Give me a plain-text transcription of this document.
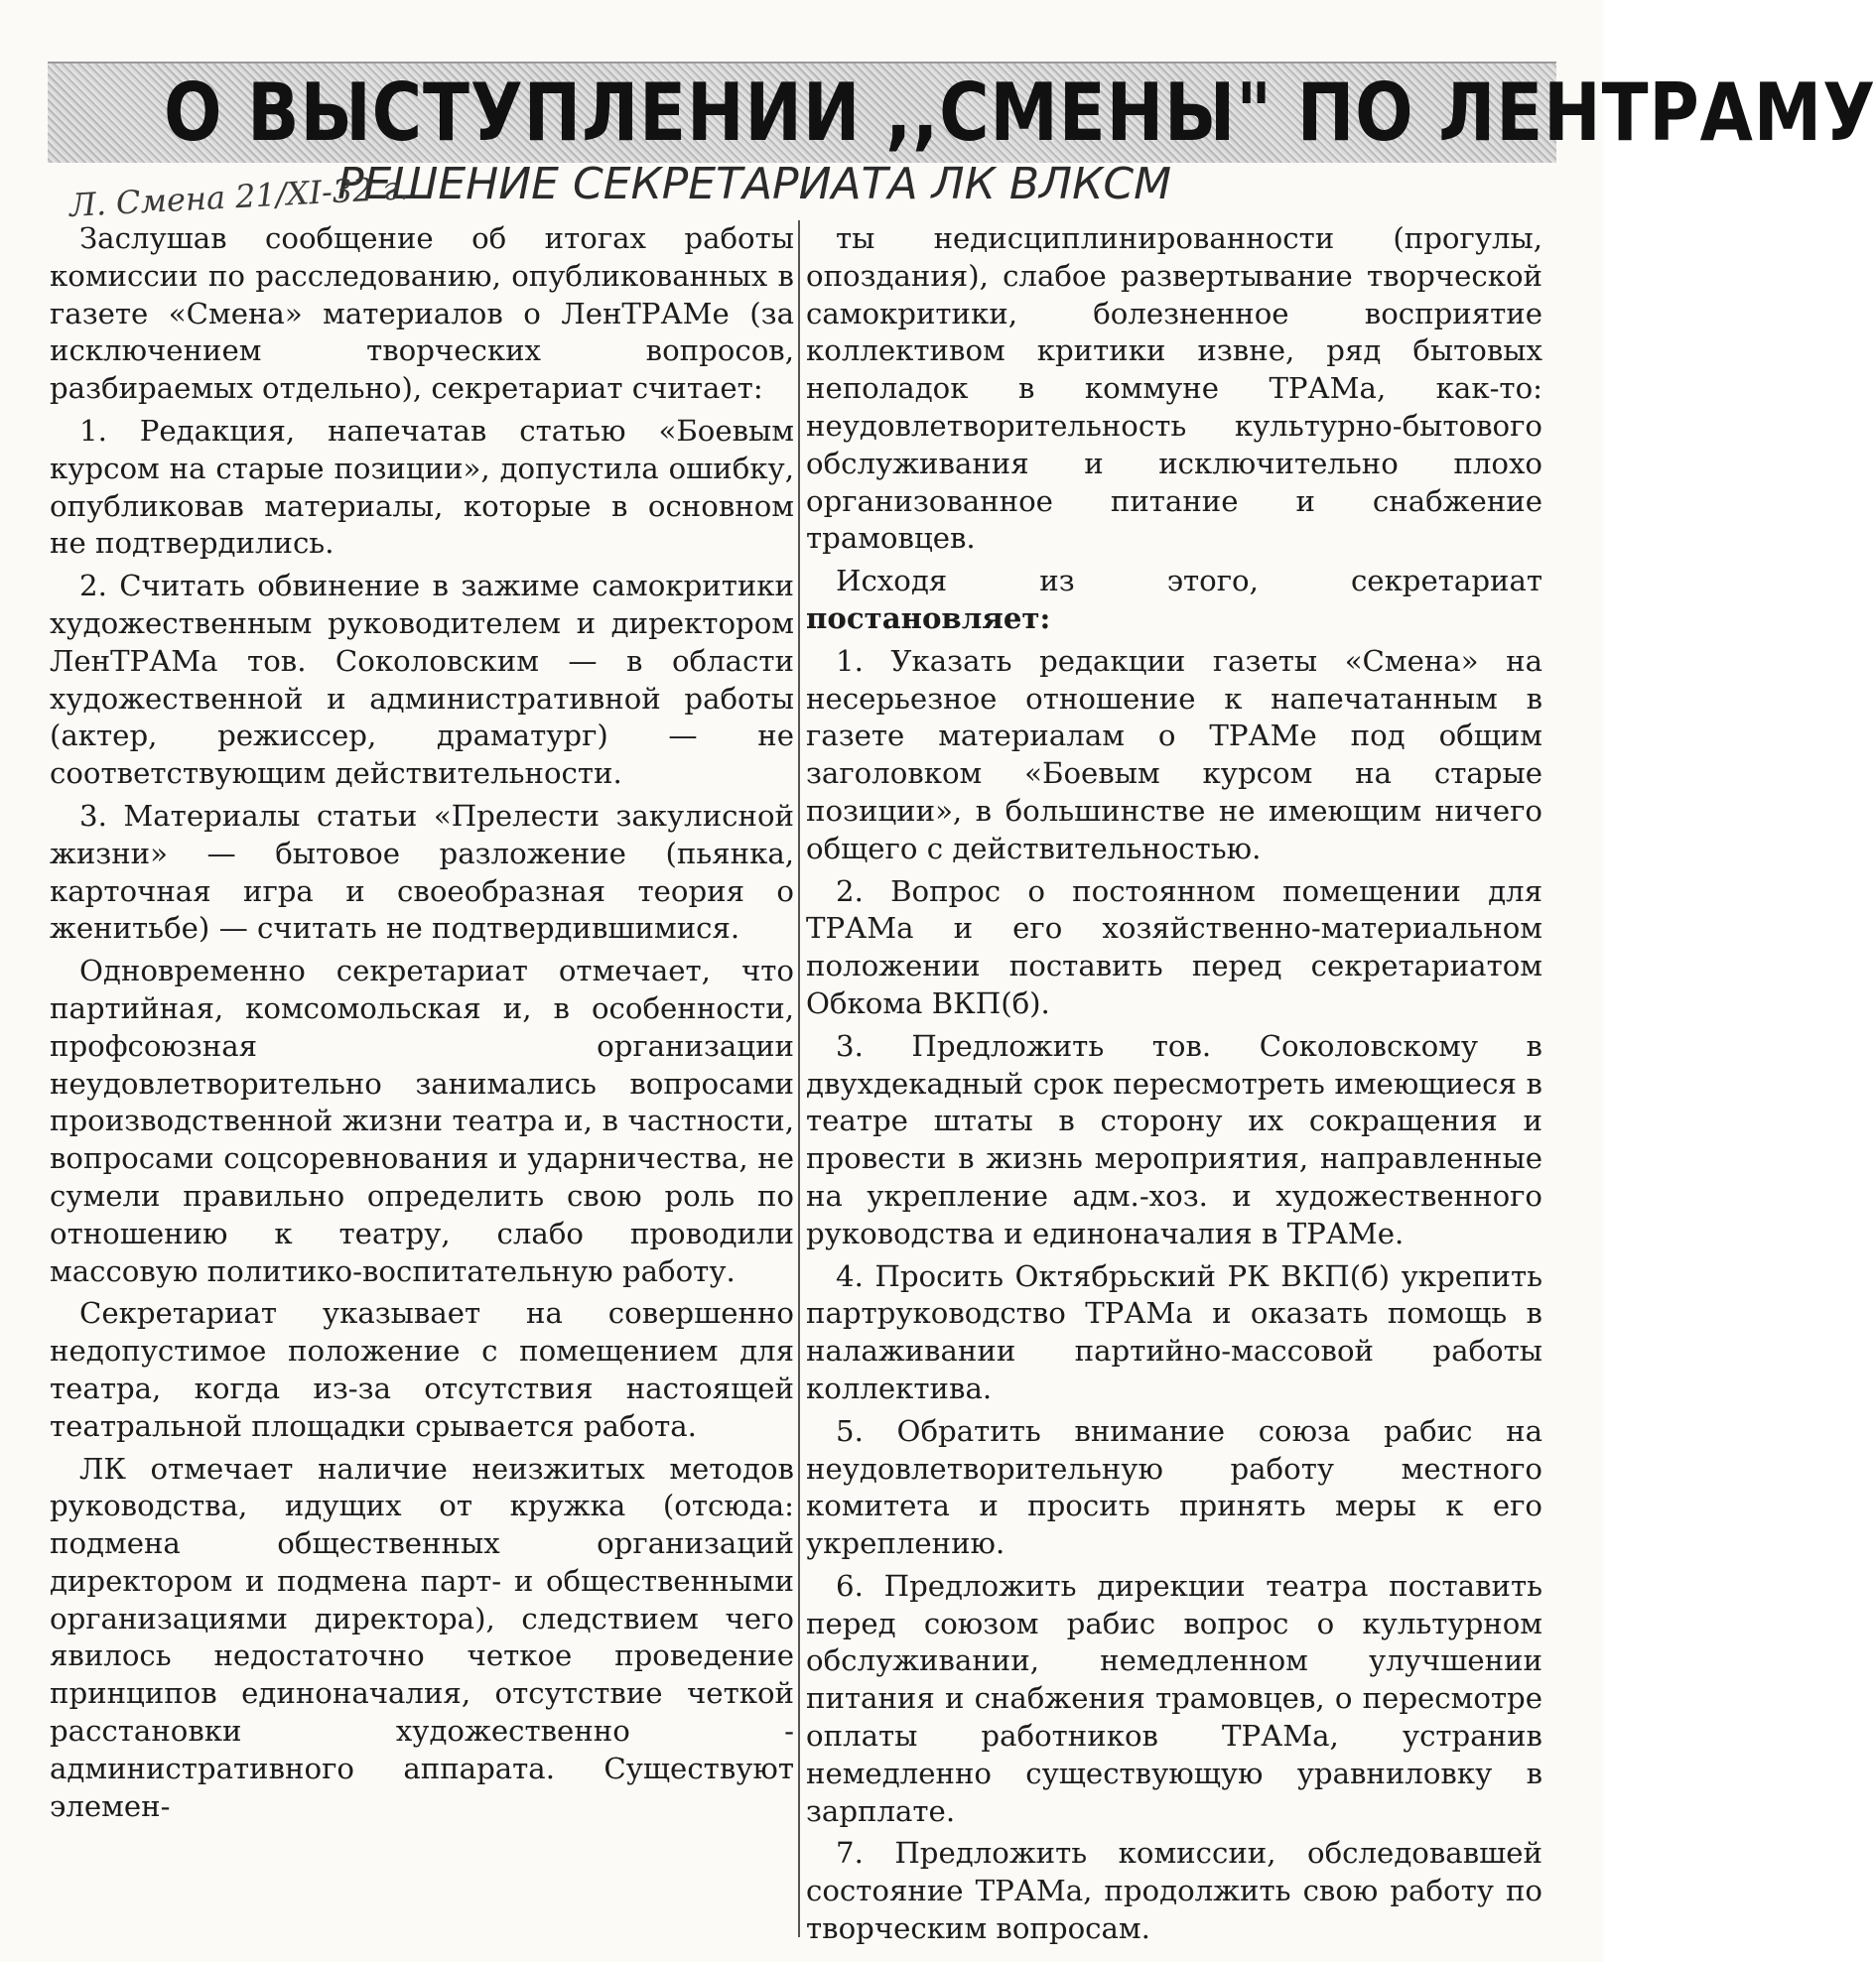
О ВЫСТУПЛЕНИИ ,,СМЕНЫ" ПО ЛЕНТРАМУ
РЕШЕНИЕ СЕКРЕТАРИАТА ЛК ВЛКСМ
Л. Смена 21/XI-32 г.

Заслушав сообщение об итогах работы комиссии по расследованию, опубликованных в газете «Смена» материалов о ЛенТРАМе (за исключением творческих вопросов, разбираемых отдельно), секретариат считает:

1. Редакция, напечатав статью «Боевым курсом на старые позиции», допустила ошибку, опубликовав материалы, которые в основном не подтвердились.

2. Считать обвинение в зажиме самокритики художественным руководителем и директором ЛенТРАМа тов. Соколовским — в области художественной и административной работы (актер, режиссер, драматург) — не соответствующим действительности.

3. Материалы статьи «Прелести закулисной жизни» — бытовое разложение (пьянка, карточная игра и своеобразная теория о женитьбе) — считать не подтвердившимися.

Одновременно секретариат отмечает, что партийная, комсомольская и, в особенности, профсоюзная организации неудовлетворительно занимались вопросами производственной жизни театра и, в частности, вопросами соцсоревнования и ударничества, не сумели правильно определить свою роль по отношению к театру, слабо проводили массовую политико-воспитательную работу.

Секретариат указывает на совершенно недопустимое положение с помещением для театра, когда из-за отсутствия настоящей театральной площадки срывается работа.

ЛК отмечает наличие неизжитых методов руководства, идущих от кружка (отсюда: подмена общественных организаций директором и подмена парт- и общественными организациями директора), следствием чего явилось недостаточно четкое проведение принципов единоначалия, отсутствие четкой расстановки художественно - административного аппарата. Существуют элемен-

ты недисциплинированности (прогулы, опоздания), слабое развертывание творческой самокритики, болезненное восприятие коллективом критики извне, ряд бытовых неполадок в коммуне ТРАМа, как-то: неудовлетворительность культурно-бытового обслуживания и исключительно плохо организованное питание и снабжение трамовцев.

Исходя из этого, секретариат постановляет:

1. Указать редакции газеты «Смена» на несерьезное отношение к напечатанным в газете материалам о ТРАМе под общим заголовком «Боевым курсом на старые позиции», в большинстве не имеющим ничего общего с действительностью.

2. Вопрос о постоянном помещении для ТРАМа и его хозяйственно-материальном положении поставить перед секретариатом Обкома ВКП(б).

3. Предложить тов. Соколовскому в двухдекадный срок пересмотреть имеющиеся в театре штаты в сторону их сокращения и провести в жизнь мероприятия, направленные на укрепление адм.-хоз. и художественного руководства и единоначалия в ТРАМе.

4. Просить Октябрьский РК ВКП(б) укрепить партруководство ТРАМа и оказать помощь в налаживании партийно-массовой работы коллектива.

5. Обратить внимание союза рабис на неудовлетворительную работу местного комитета и просить принять меры к его укреплению.

6. Предложить дирекции театра поставить перед союзом рабис вопрос о культурном обслуживании, немедленном улучшении питания и снабжения трамовцев, о пересмотре оплаты работников ТРАМа, устранив немедленно существующую уравниловку в зарплате.

7. Предложить комиссии, обследовавшей состояние ТРАМа, продолжить свою работу по творческим вопросам.
